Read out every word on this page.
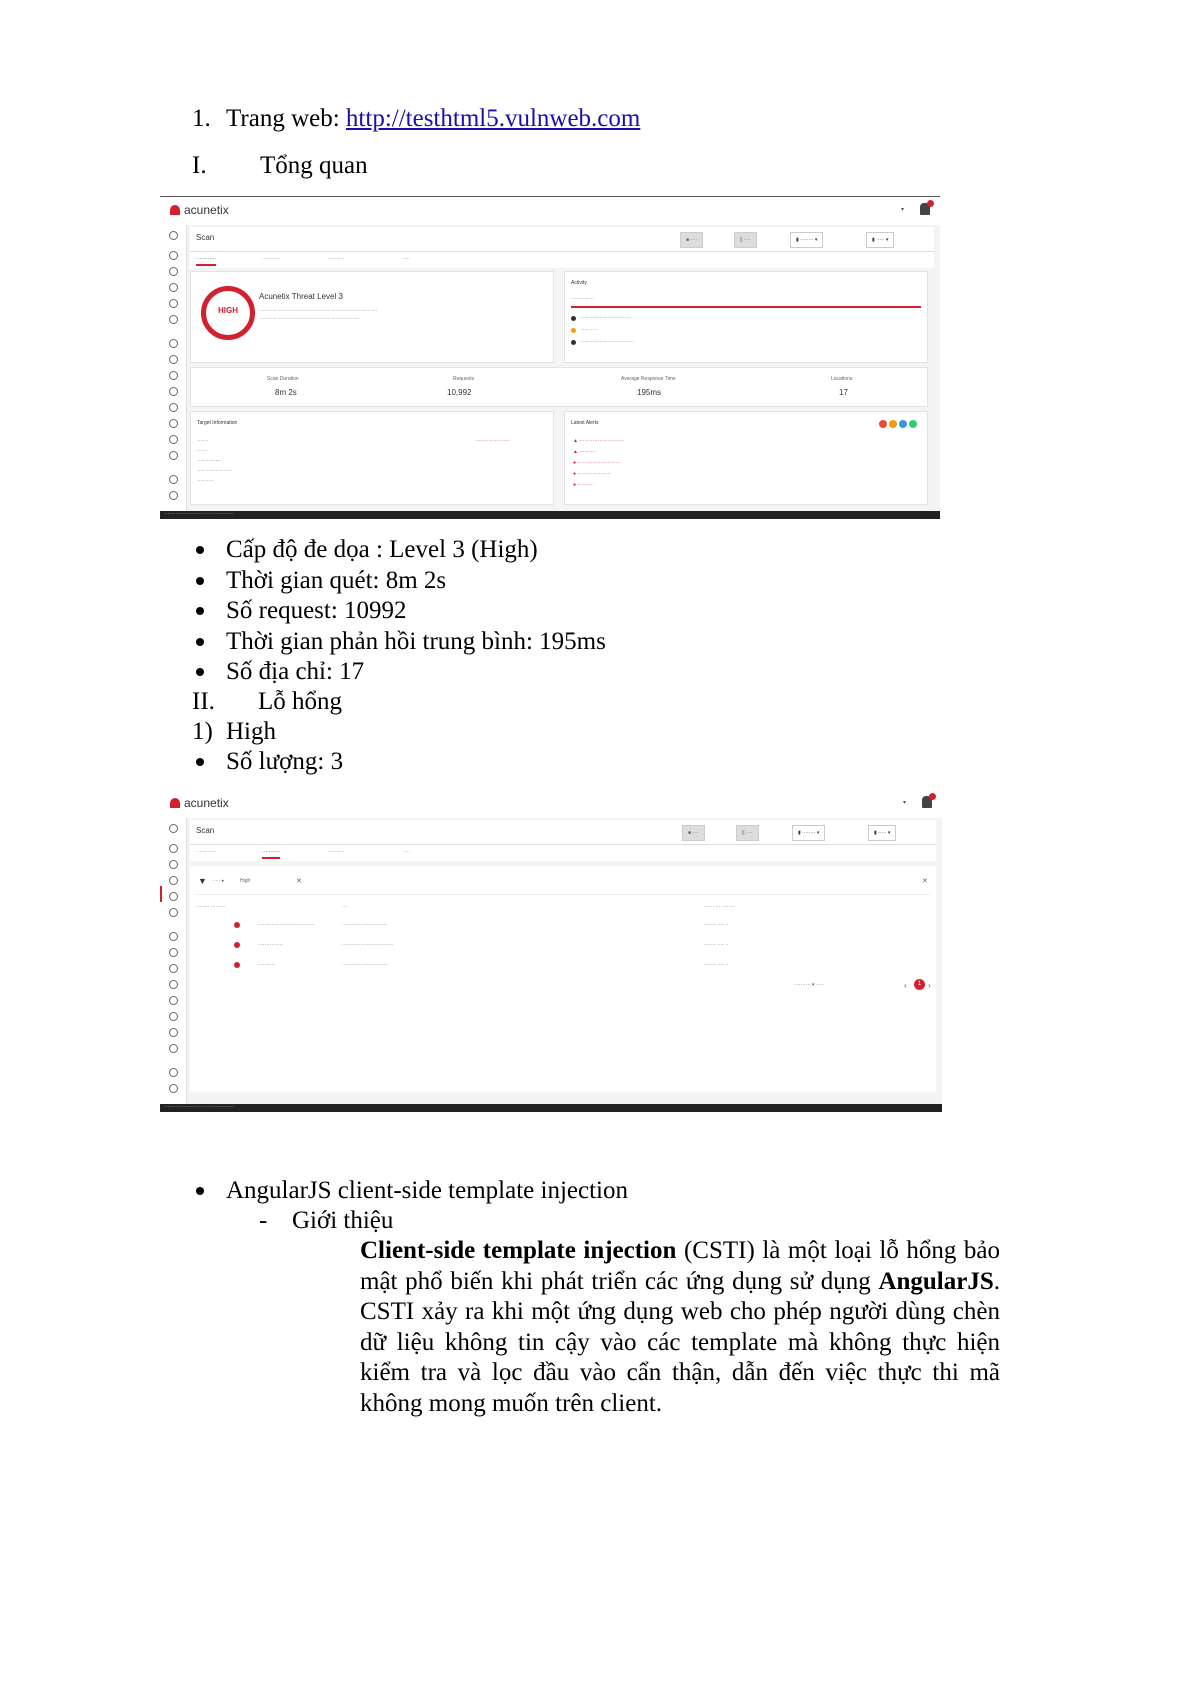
1. Trang web: http://testhtml5.vulnweb.com
I. Tổng quan
acunetix	▾
Scan	■ ····	|| ····	▮ ········ ▾	▮ ····· ▾
············	···········	··········	·····
HIGH
Acunetix Threat Level 3
·······································································
····························································
Activity
··············
······························
··········
································
Scan Duration
8m 2s
Requests
10,992
Average Response Time
195ms
Locations
17
Target Information
·······	·····················
······
···············
·····················
··········
Latest Alerts
▲ ···························
▲ ··········
● ··························
● ····················
● ··········
··········································
Cấp độ đe dọa : Level 3 (High)
Thời gian quét: 8m 2s
Số request: 10992
Thời gian phản hồi trung bình: 195ms
Số địa chỉ: 17
II. Lỗ hổng
1) High
Số lượng: 3
acunetix	▾
Scan	■ ····	|| ····	▮ ········ ▾	▮ ····· ▾
············	···········	··········	·····
▼ ····· ▸	High	✕	✕
········ ·········	···	······ ··· ········
··································	···························	······· ···· ··
···············	·······························	······· ···· ··
··········	····························	······· ···· ··
·········· ▾ ·····	‹	1 ›
··········································
AngularJS client-side template injection
- Giới thiệu
Client-side template injection (CSTI) là một loại lỗ hổng bảo mật phổ biến khi phát triển các ứng dụng sử dụng AngularJS. CSTI xảy ra khi một ứng dụng web cho phép người dùng chèn dữ liệu không tin cậy vào các template mà không thực hiện kiểm tra và lọc đầu vào cẩn thận, dẫn đến việc thực thi mã không mong muốn trên client.
